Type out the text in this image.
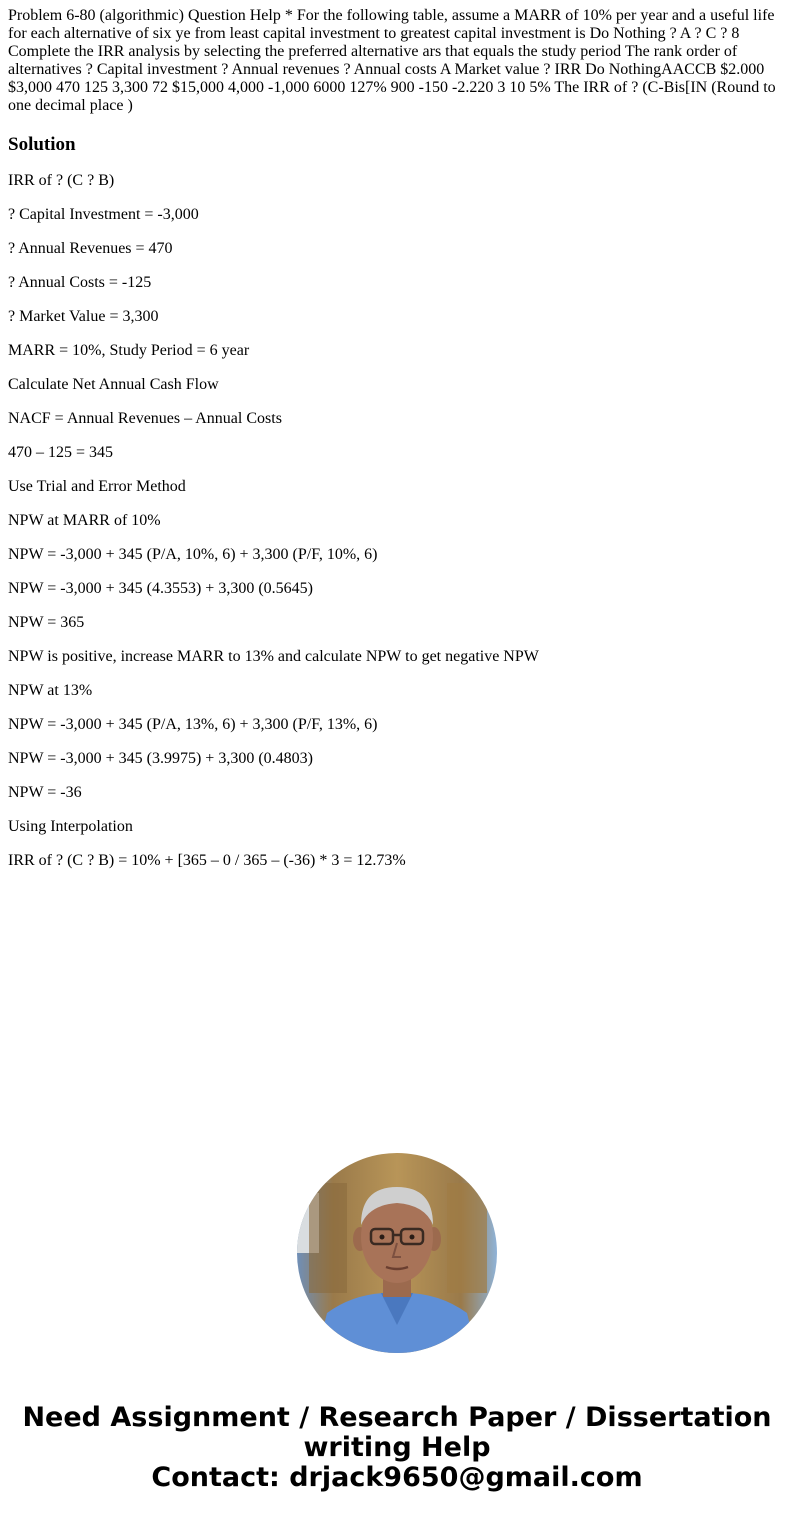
Problem 6-80 (algorithmic) Question Help * For the following table, assume a MARR of 10% per year and a useful life for each alternative of six ye from least capital investment to greatest capital investment is Do Nothing ? A ? C ? 8 Complete the IRR analysis by selecting the preferred alternative ars that equals the study period The rank order of alternatives ? Capital investment ? Annual revenues ? Annual costs A Market value ? IRR Do NothingAACCB $2.000 $3,000 470 125 3,300 72 $15,000 4,000 -1,000 6000 127% 900 -150 -2.220 3 10 5% The IRR of ? (C-Bis[IN (Round to one decimal place )

Solution
IRR of ? (C ? B)
? Capital Investment = -3,000
? Annual Revenues = 470
? Annual Costs = -125
? Market Value = 3,300
MARR = 10%, Study Period = 6 year
Calculate Net Annual Cash Flow
NACF = Annual Revenues – Annual Costs
470 – 125 = 345
Use Trial and Error Method
NPW at MARR of 10%
NPW = -3,000 + 345 (P/A, 10%, 6) + 3,300 (P/F, 10%, 6)
NPW = -3,000 + 345 (4.3553) + 3,300 (0.5645)
NPW = 365
NPW is positive, increase MARR to 13% and calculate NPW to get negative NPW
NPW at 13%
NPW = -3,000 + 345 (P/A, 13%, 6) + 3,300 (P/F, 13%, 6)
NPW = -3,000 + 345 (3.9975) + 3,300 (0.4803)
NPW = -36
Using Interpolation
IRR of ? (C ? B) = 10% + [365 – 0 / 365 – (-36) * 3 = 12.73%
Need Assignment / Research Paper / Dissertation
writing Help
Contact: drjack9650@gmail.com
